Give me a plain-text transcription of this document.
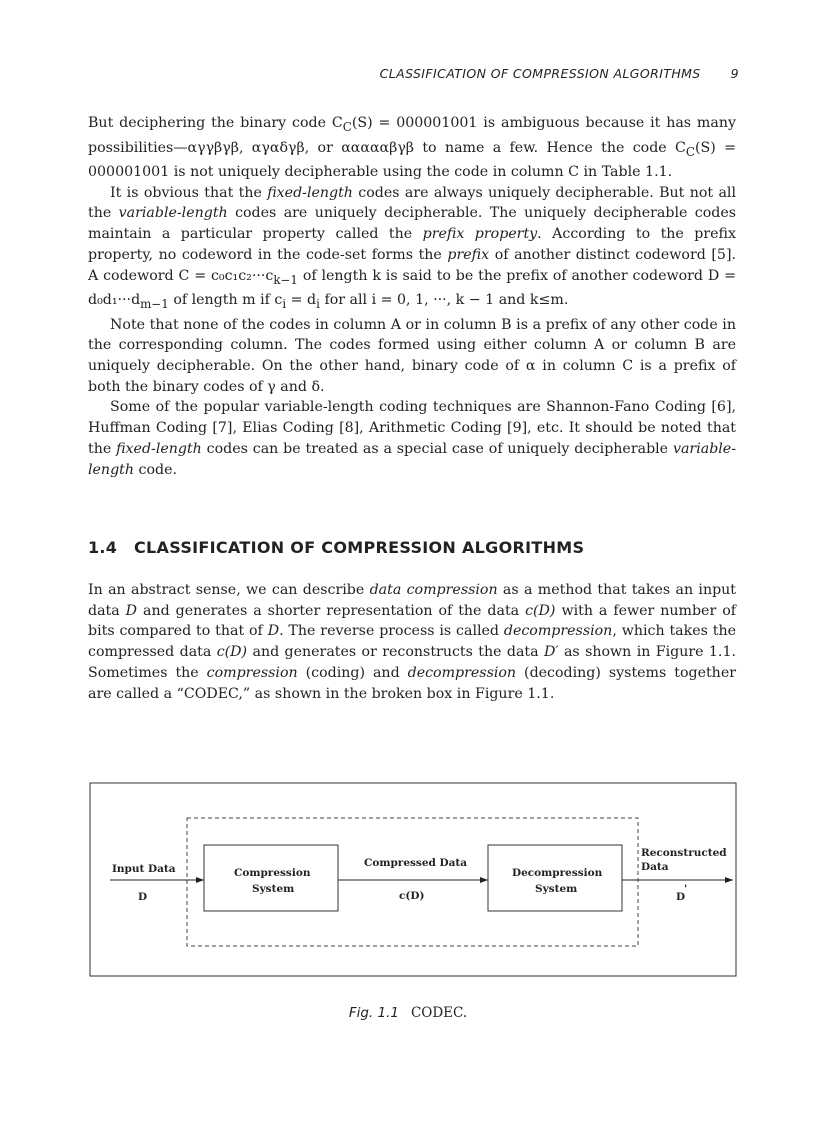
CLASSIFICATION OF COMPRESSION ALGORITHMS 9

But deciphering the binary code $C_C(S) = 000001001$ is ambiguous because it has many possibilities—αγγβγβ, αγαδγβ, or αααααβγβ to name a few. Hence the code $C_C(S) = 000001001$ is not uniquely decipherable using the code in column C in Table 1.1.

It is obvious that the fixed-length codes are always uniquely decipherable. But not all the variable-length codes are uniquely decipherable. The uniquely decipherable codes maintain a particular property called the prefix property. According to the prefix property, no codeword in the code-set forms the prefix of another distinct codeword [5]. A codeword $C = c_0c_1c_2\cdot\cdot\cdot c_{k-1}$ of length k is said to be the prefix of another codeword $D = d_0d_1\cdot\cdot\cdot d_{m-1}$ of length m if $c_i = d_i$ for all i = 0, 1, ···, k − 1 and k≤m.

Note that none of the codes in column A or in column B is a prefix of any other code in the corresponding column. The codes formed using either column A or column B are uniquely decipherable. On the other hand, binary code of α in column C is a prefix of both the binary codes of γ and δ.

Some of the popular variable-length coding techniques are Shannon-Fano Coding [6], Huffman Coding [7], Elias Coding [8], Arithmetic Coding [9], etc. It should be noted that the fixed-length codes can be treated as a special case of uniquely decipherable variable-length code.

1.4 CLASSIFICATION OF COMPRESSION ALGORITHMS

In an abstract sense, we can describe data compression as a method that takes an input data D and generates a shorter representation of the data c(D) with a fewer number of bits compared to that of D. The reverse process is called decompression, which takes the compressed data c(D) and generates or reconstructs the data D′ as shown in Figure 1.1. Sometimes the compression (coding) and decompression (decoding) systems together are called a “CODEC,” as shown in the broken box in Figure 1.1.

Input Data
D
Compression
System
Compressed Data
c(D)
Decompression
System
Reconstructed
Data
D
'
Fig. 1.1 CODEC.
